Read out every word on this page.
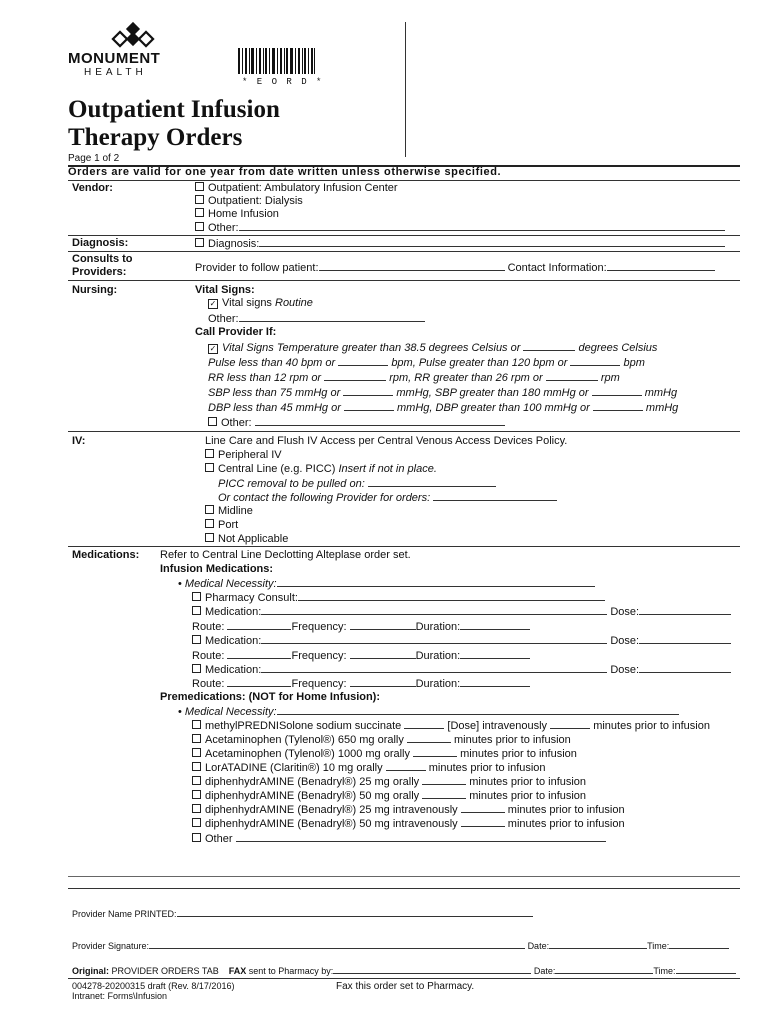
MONUMENT
HEALTH
* E O R D *
Outpatient Infusion
Therapy Orders
Page 1 of 2
Orders are valid for one year from date written unless otherwise specified.
Vendor:	Outpatient: Ambulatory Infusion Center
Outpatient: Dialysis
Home Infusion
Other:
Diagnosis:	Diagnosis:
Consults to
Providers:	Provider to follow patient:	Contact Information:
Nursing:	Vital Signs:
✓ Vital signs Routine
Other:
Call Provider If:
✓ Vital Signs Temperature greater than 38.5 degrees Celsius or	degrees Celsius
Pulse less than 40 bpm or	bpm, Pulse greater than 120 bpm or	bpm
RR less than 12 rpm or	rpm, RR greater than 26 rpm or	rpm
SBP less than 75 mmHg or	mmHg, SBP greater than 180 mmHg or	mmHg
DBP less than 45 mmHg or	mmHg, DBP greater than 100 mmHg or	mmHg
Other:
IV:	Line Care and Flush IV Access per Central Venous Access Devices Policy.
Peripheral IV
Central Line (e.g. PICC) Insert if not in place.
PICC removal to be pulled on:
Or contact the following Provider for orders:
Midline
Port
Not Applicable
Medications: Refer to Central Line Declotting Alteplase order set.
Infusion Medications:
• Medical Necessity:
Pharmacy Consult:
Medication:	Dose:
Route:	Frequency:	Duration:
Medication:	Dose:
Route:	Frequency:	Duration:
Medication:	Dose:
Route:	Frequency:	Duration:
Premedications: (NOT for Home Infusion):
• Medical Necessity:
methylPREDNISolone sodium succinate	[Dose] intravenously	minutes prior to infusion
Acetaminophen (Tylenol®) 650 mg orally	minutes prior to infusion
Acetaminophen (Tylenol®) 1000 mg orally	minutes prior to infusion
LorATADINE (Claritin®) 10 mg orally	minutes prior to infusion
diphenhydrAMINE (Benadryl®) 25 mg orally	minutes prior to infusion
diphenhydrAMINE (Benadryl®) 50 mg orally	minutes prior to infusion
diphenhydrAMINE (Benadryl®) 25 mg intravenously	minutes prior to infusion
diphenhydrAMINE (Benadryl®) 50 mg intravenously	minutes prior to infusion
Other
Provider Name PRINTED:
Provider Signature:	Date:	Time:
Original: PROVIDER ORDERS TAB FAX sent to Pharmacy by:	Date:	Time:
004278-20200315 draft (Rev. 8/17/2016)
Intranet: Forms\Infusion
Fax this order set to Pharmacy.
